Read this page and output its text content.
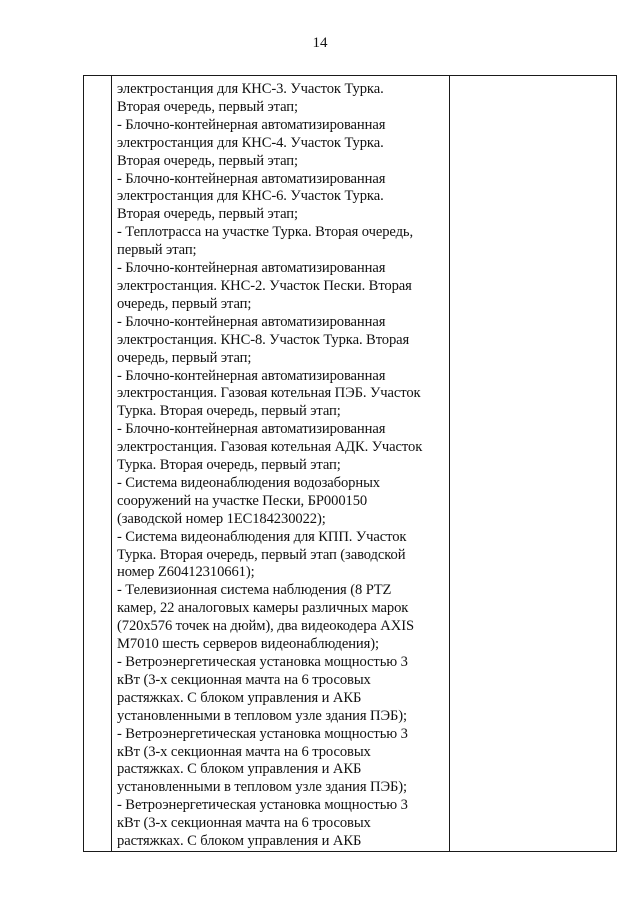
14

электростанция для КНС-3. Участок Турка.
Вторая очередь, первый этап;
- Блочно-контейнерная автоматизированная
электростанция для КНС-4. Участок Турка.
Вторая очередь, первый этап;
- Блочно-контейнерная автоматизированная
электростанция для КНС-6. Участок Турка.
Вторая очередь, первый этап;
- Теплотрасса на участке Турка. Вторая очередь,
первый этап;
- Блочно-контейнерная автоматизированная
электростанция. КНС-2. Участок Пески. Вторая
очередь, первый этап;
- Блочно-контейнерная автоматизированная
электростанция. КНС-8. Участок Турка. Вторая
очередь, первый этап;
- Блочно-контейнерная автоматизированная
электростанция. Газовая котельная ПЭБ. Участок
Турка. Вторая очередь, первый этап;
- Блочно-контейнерная автоматизированная
электростанция. Газовая котельная АДК. Участок
Турка. Вторая очередь, первый этап;
- Система видеонаблюдения водозаборных
сооружений на участке Пески, БР000150
(заводской номер 1ЕС184230022);
- Система видеонаблюдения для КПП. Участок
Турка. Вторая очередь, первый этап (заводской
номер Z60412310661);
- Телевизионная система наблюдения (8 PTZ
камер, 22 аналоговых камеры различных марок
(720x576 точек на дюйм), два видеокодера AXIS
M7010 шесть серверов видеонаблюдения);
- Ветроэнергетическая установка мощностью 3
кВт (3-х секционная мачта на 6 тросовых
растяжках. С блоком управления и АКБ
установленными в тепловом узле здания ПЭБ);
- Ветроэнергетическая установка мощностью 3
кВт (3-х секционная мачта на 6 тросовых
растяжках. С блоком управления и АКБ
установленными в тепловом узле здания ПЭБ);
- Ветроэнергетическая установка мощностью 3
кВт (3-х секционная мачта на 6 тросовых
растяжках. С блоком управления и АКБ
